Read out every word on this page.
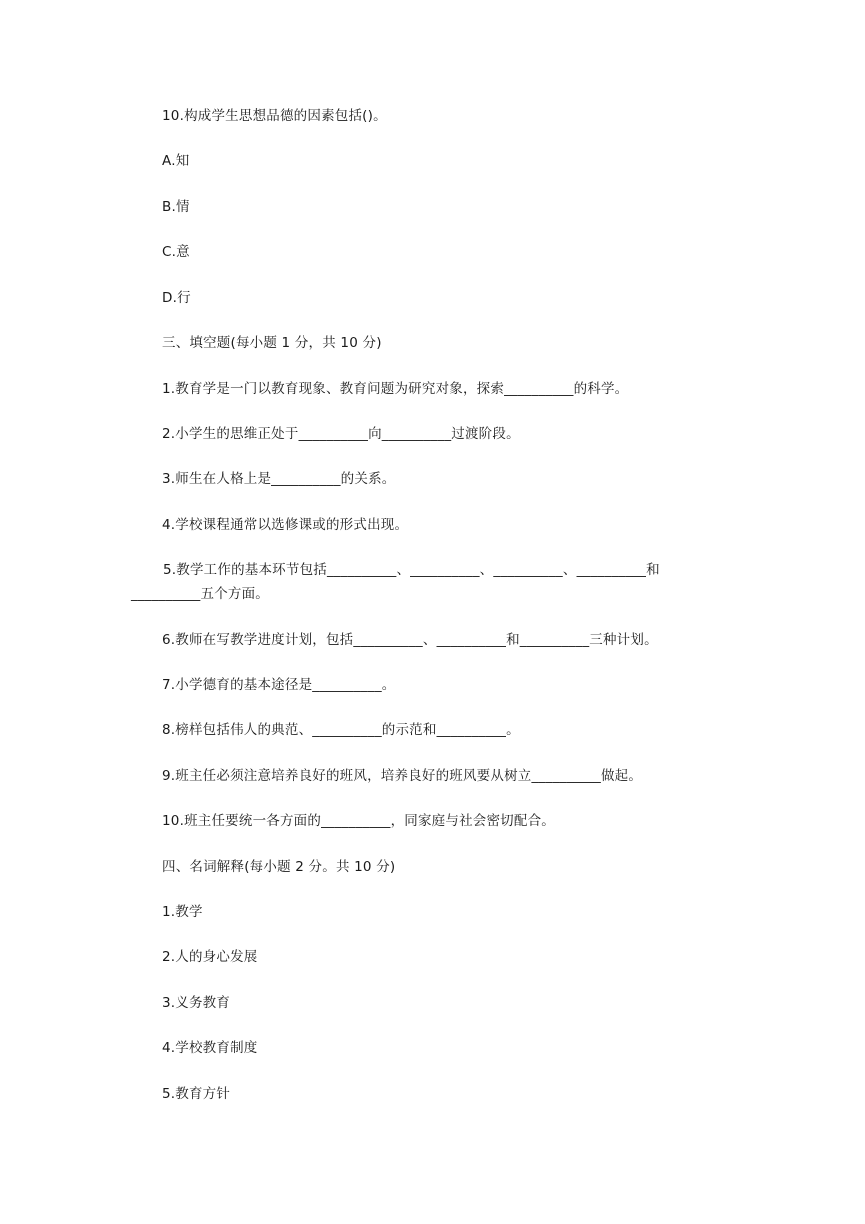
10.构成学生思想品德的因素包括()。
A.知
B.情
C.意
D.行
三、填空题(每小题 1 分，共 10 分)
1.教育学是一门以教育现象、教育问题为研究对象，探索__________的科学。
2.小学生的思维正处于__________向__________过渡阶段。
3.师生在人格上是__________的关系。
4.学校课程通常以选修课或的形式出现。
5.教学工作的基本环节包括__________、__________、__________、__________和
__________五个方面。
6.教师在写教学进度计划，包括__________、__________和__________三种计划。
7.小学德育的基本途径是__________。
8.榜样包括伟人的典范、__________的示范和__________。
9.班主任必须注意培养良好的班风，培养良好的班风要从树立__________做起。
10.班主任要统一各方面的__________，同家庭与社会密切配合。
四、名词解释(每小题 2 分。共 10 分)
1.教学
2.人的身心发展
3.义务教育
4.学校教育制度
5.教育方针
